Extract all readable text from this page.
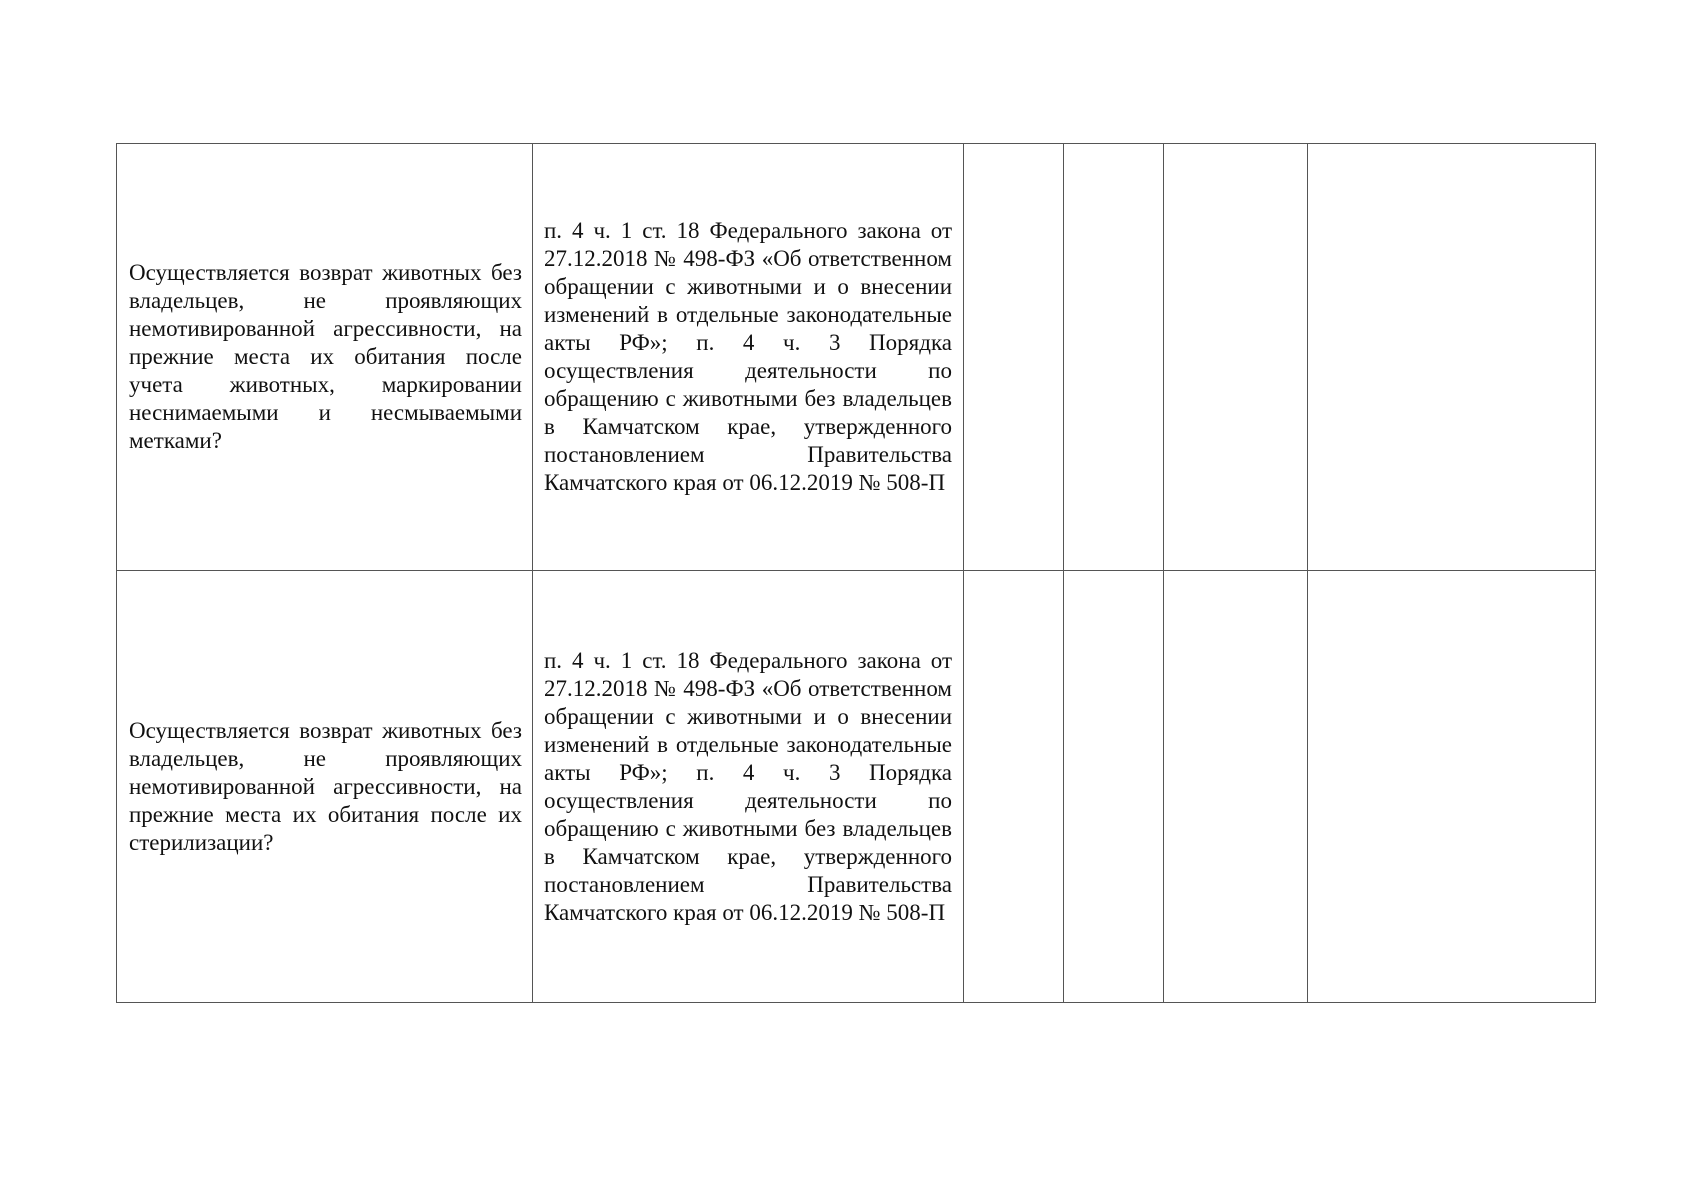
Осуществляется возврат животных без владельцев, не проявляющих немотивированной агрессивности, на прежние места их обитания после учета животных, маркировании неснимаемыми и несмываемыми метками?	п. 4 ч. 1 ст. 18 Федерального закона от 27.12.2018 № 498-ФЗ «Об ответственном обращении с животными и о внесении изменений в отдельные законодательные акты РФ»; п. 4 ч. 3 Порядка осуществления деятельности по обращению с животными без владельцев в Камчатском крае, утвержденного постановлением Правительства Камчатского края от 06.12.2019 № 508-П				

Осуществляется возврат животных без владельцев, не проявляющих немотивированной агрессивности, на прежние места их обитания после их стерилизации?	п. 4 ч. 1 ст. 18 Федерального закона от 27.12.2018 № 498-ФЗ «Об ответственном обращении с животными и о внесении изменений в отдельные законодательные акты РФ»; п. 4 ч. 3 Порядка осуществления деятельности по обращению с животными без владельцев в Камчатском крае, утвержденного постановлением Правительства Камчатского края от 06.12.2019 № 508-П				
